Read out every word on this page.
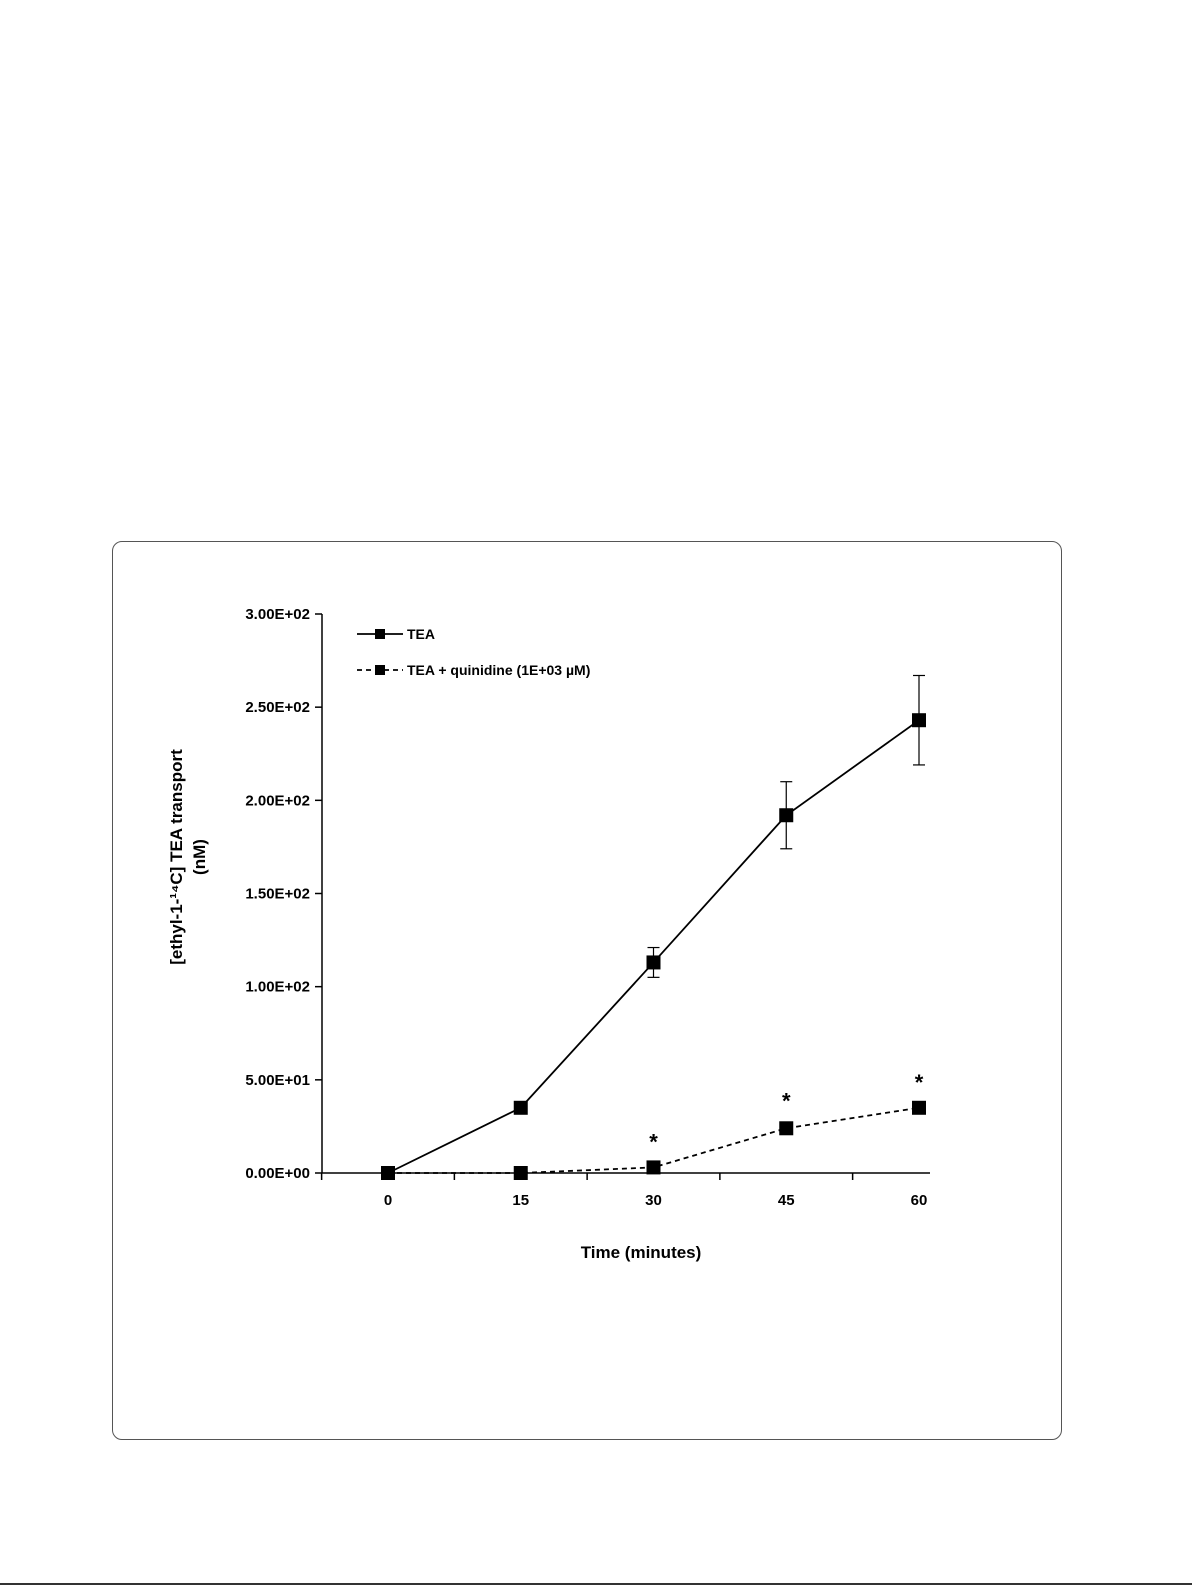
0.00E+00
5.00E+01
1.00E+02
1.50E+02
2.00E+02
2.50E+02
3.00E+02
0	15	30	45	60
*
*
*
TEA
TEA + quinidine (1E+03 µM)
Time (minutes)
[ethyl-1-¹⁴C] TEA transport (nM)
